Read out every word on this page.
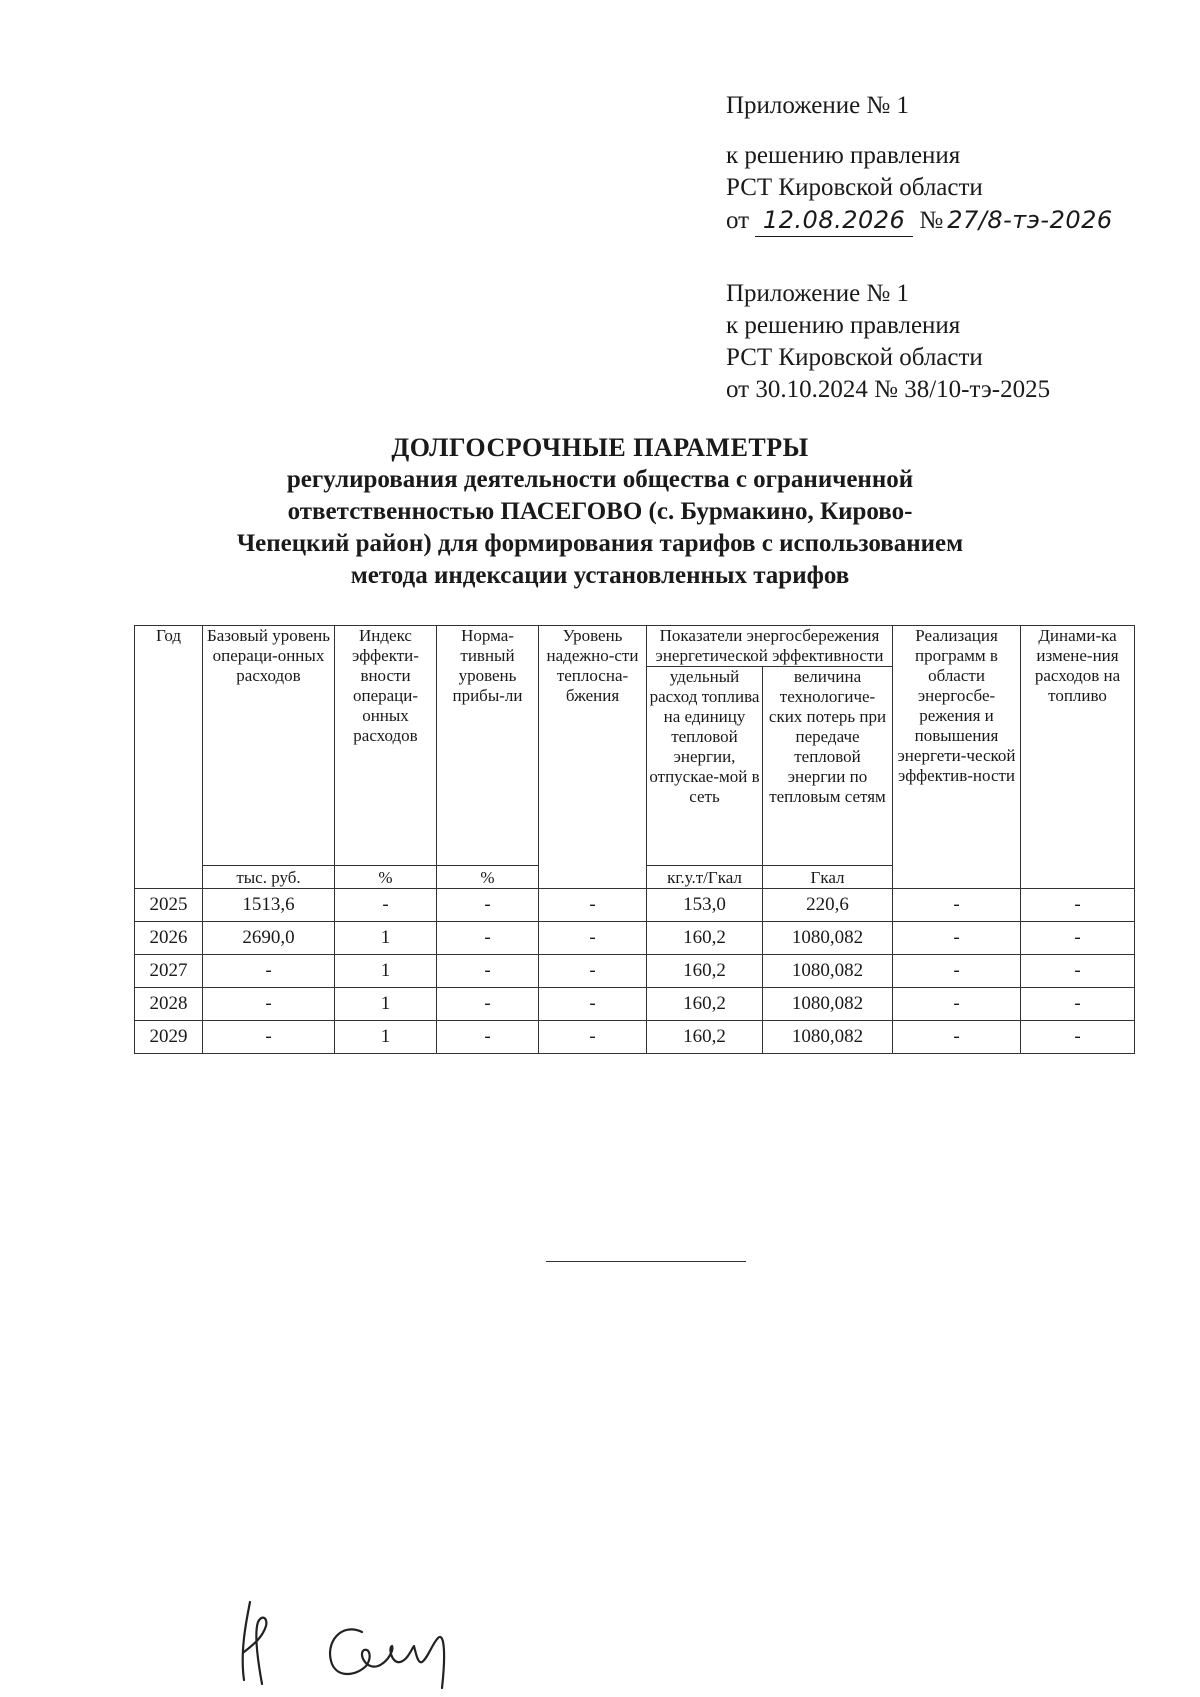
Приложение № 1
к решению правления
РСТ Кировской области
от 12.08.2026 № 27/8-тэ-2026
Приложение № 1
к решению правления
РСТ Кировской области
от 30.10.2024 № 38/10-тэ-2025
ДОЛГОСРОЧНЫЕ ПАРАМЕТРЫ
регулирования деятельности общества с ограниченной
ответственностью ПАСЕГОВО (с. Бурмакино, Кирово-
Чепецкий район) для формирования тарифов с использованием
метода индексации установленных тарифов
Год	Базовый уровень операци-онных расходов	Индекс эффекти-вности операци-онных расходов	Норма-тивный уровень прибы-ли	Уровень надежно-сти теплосна-бжения	Показатели энергосбережения энергетической эффективности		Реализация программ в области энергосбе-режения и повышения энергети-ческой эффектив-ности	Динами-ка измене-ния расходов на топливо
					удельный расход топлива на единицу тепловой энергии, отпускае-мой в сеть	величина технологиче-ских потерь при передаче тепловой энергии по тепловым сетям		
	тыс. руб.	%	%		кг.у.т/Гкал	Гкал		
2025	1513,6	-	-	-	153,0	220,6	-	-
2026	2690,0	1	-	-	160,2	1080,082	-	-
2027	-	1	-	-	160,2	1080,082	-	-
2028	-	1	-	-	160,2	1080,082	-	-
2029	-	1	-	-	160,2	1080,082	-	-
